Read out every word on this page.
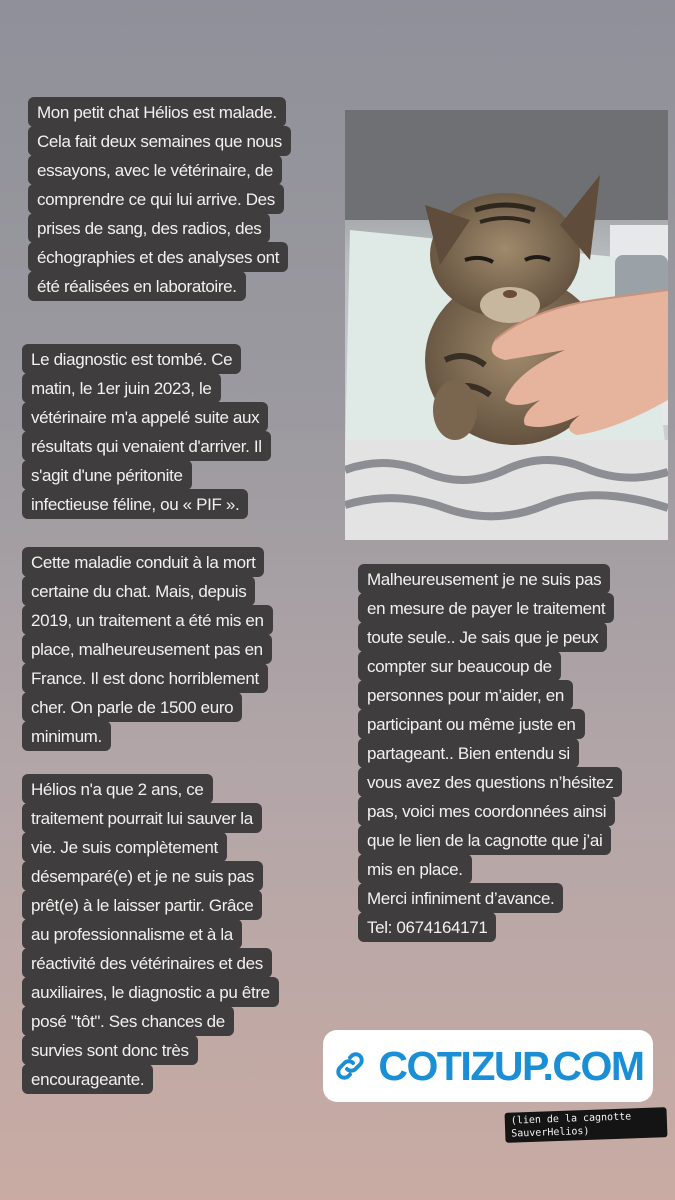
Mon petit chat Hélios est malade.
Cela fait deux semaines que nous
essayons, avec le vétérinaire, de
comprendre ce qui lui arrive. Des
prises de sang, des radios, des
échographies et des analyses ont
été réalisées en laboratoire.
Le diagnostic est tombé. Ce
matin, le 1er juin 2023, le
vétérinaire m'a appelé suite aux
résultats qui venaient d'arriver. Il
s'agit d'une péritonite
infectieuse féline, ou « PIF ».
Cette maladie conduit à la mort
certaine du chat. Mais, depuis
2019, un traitement a été mis en
place, malheureusement pas en
France. Il est donc horriblement
cher. On parle de 1500 euro
minimum.
Hélios n'a que 2 ans, ce
traitement pourrait lui sauver la
vie. Je suis complètement
désemparé(e) et je ne suis pas
prêt(e) à le laisser partir. Grâce
au professionnalisme et à la
réactivité des vétérinaires et des
auxiliaires, le diagnostic a pu être
posé "tôt". Ses chances de
survies sont donc très
encourageante.
Malheureusement je ne suis pas
en mesure de payer le traitement
toute seule.. Je sais que je peux
compter sur beaucoup de
personnes pour m’aider, en
participant ou même juste en
partageant.. Bien entendu si
vous avez des questions n’hésitez
pas, voici mes coordonnées ainsi
que le lien de la cagnotte que j’ai
mis en place.
Merci infiniment d’avance.
Tel: 0674164171
COTIZUP.COM
(lien de la cagnotte
SauverHelios)
